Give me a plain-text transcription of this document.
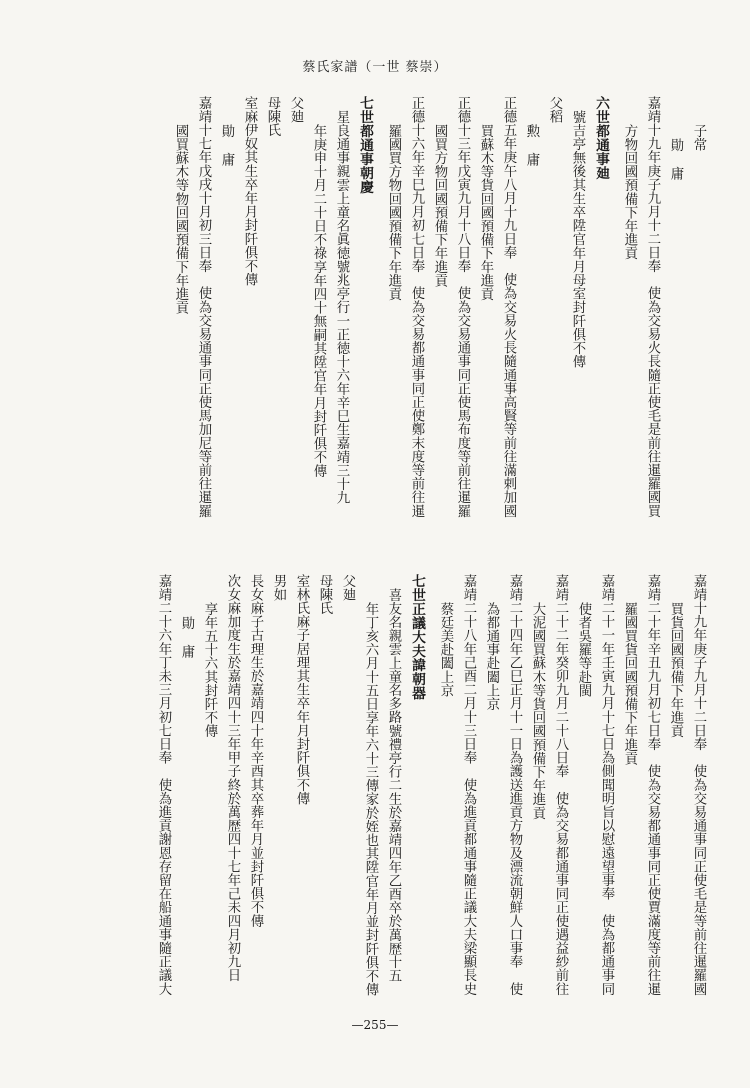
蔡氏家譜（一世 蔡崇）
子常
勛 庸
嘉靖十九年庚子九月十二日奉　使為交易火長隨正使毛是前往暹羅國買
方物回國預備下年進貢
六世都通事廸
號吉亭無後其生卒陞官年月母室封阡俱不傳
父稻
勲 庸
正德五年庚午八月十九日奉　使為交易火長隨通事高賢等前往滿剌加國
買蘇木等貨回國預備下年進貢
正德十三年戊寅九月十八日奉　使為交易通事同正使馬布度等前往暹羅
國買方物回國預備下年進貢
正德十六年辛巳九月初七日奉　使為交易都通事同正使鄭末度等前往暹
羅國買方物回國預備下年進貢
七世都通事朝慶
星良通事親雲上童名眞徳號兆亭行一正徳十六年辛巳生嘉靖三十九
年庚申十月二十日不祿享年四十無嗣其陞官年月封阡俱不傳
父廸
母陳氏
室麻伊奴其生卒年月封阡俱不傳
勛 庸
嘉靖十七年戊戌十月初三日奉　使為交易通事同正使馬加尼等前往暹羅
國買蘇木等物回國預備下年進貢
嘉靖十九年庚子九月十二日奉　使為交易通事同正使毛是等前往暹羅國
買貨回國預備下年進貢
嘉靖二十年辛丑九月初七日奉　使為交易都通事同正使賈滿度等前往暹
羅國買貨回國預備下年進貢
嘉靖二十一年壬寅九月十七日為側聞明旨以慰遠望事奉　使為都通事同
使者吳羅等赴閩
嘉靖二十二年癸卯九月二十八日奉　使為交易都通事同正使遇益紗前往
大泥國買蘇木等貨回國預備下年進貢
嘉靖二十四年乙巳正月十一日為護送進貢方物及漂流朝鮮人口事奉　使
為都通事赴闔上京
嘉靖二十八年己酉二月十三日奉　使為進貢都通事隨正議大夫梁顯長史
蔡廷美赴闔上京
七世正議大夫諱朝器
喜友名親雲上童名多路號禮亭行二生於嘉靖四年乙酉卒於萬歴十五
年丁亥六月十五日享年六十三傳家於姪也其陞官年月並封阡俱不傳
父廸
母陳氏
室林氏麻子居理其生卒年月封阡俱不傳
男如
長女麻子古理生於嘉靖四十年辛酉其卒葬年月並封阡俱不傳
次女麻加度生於嘉靖四十三年甲子終於萬歴四十七年己未四月初九日
享年五十六其封阡不傳
勛 庸
嘉靖二十六年丁未三月初七日奉　使為進貢謝恩存留在船通事隨正議大
—255—
